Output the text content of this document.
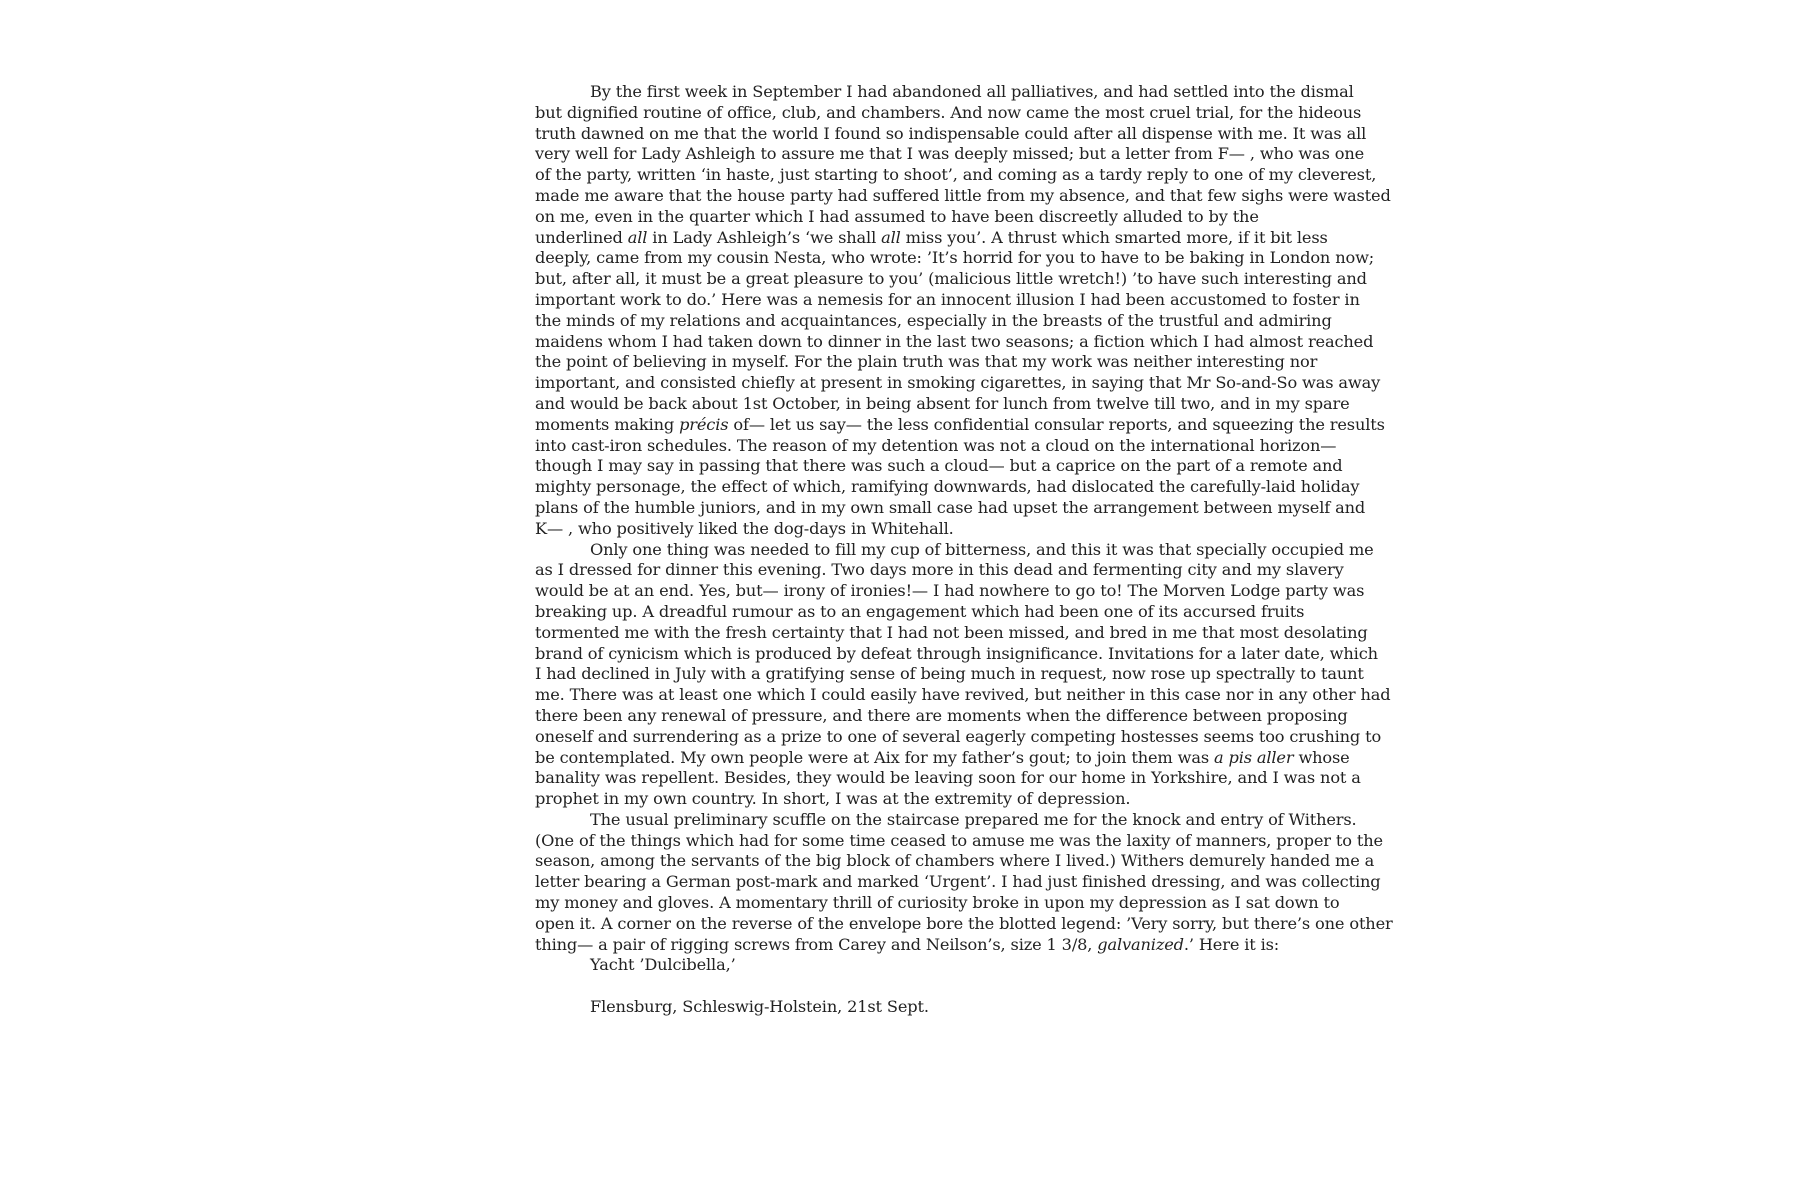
By the first week in September I had abandoned all palliatives, and had settled into the dismal
but dignified routine of office, club, and chambers. And now came the most cruel trial, for the hideous
truth dawned on me that the world I found so indispensable could after all dispense with me. It was all
very well for Lady Ashleigh to assure me that I was deeply missed; but a letter from F— , who was one
of the party, written ‘in haste, just starting to shoot’, and coming as a tardy reply to one of my cleverest,
made me aware that the house party had suffered little from my absence, and that few sighs were wasted
on me, even in the quarter which I had assumed to have been discreetly alluded to by the
underlined all in Lady Ashleigh’s ‘we shall all miss you’. A thrust which smarted more, if it bit less
deeply, came from my cousin Nesta, who wrote: ’It’s horrid for you to have to be baking in London now;
but, after all, it must be a great pleasure to you’ (malicious little wretch!) ’to have such interesting and
important work to do.’ Here was a nemesis for an innocent illusion I had been accustomed to foster in
the minds of my relations and acquaintances, especially in the breasts of the trustful and admiring
maidens whom I had taken down to dinner in the last two seasons; a fiction which I had almost reached
the point of believing in myself. For the plain truth was that my work was neither interesting nor
important, and consisted chiefly at present in smoking cigarettes, in saying that Mr So-and-So was away
and would be back about 1st October, in being absent for lunch from twelve till two, and in my spare
moments making précis of— let us say— the less confidential consular reports, and squeezing the results
into cast-iron schedules. The reason of my detention was not a cloud on the international horizon—
though I may say in passing that there was such a cloud— but a caprice on the part of a remote and
mighty personage, the effect of which, ramifying downwards, had dislocated the carefully-laid holiday
plans of the humble juniors, and in my own small case had upset the arrangement between myself and
K— , who positively liked the dog-days in Whitehall.
Only one thing was needed to fill my cup of bitterness, and this it was that specially occupied me
as I dressed for dinner this evening. Two days more in this dead and fermenting city and my slavery
would be at an end. Yes, but— irony of ironies!— I had nowhere to go to! The Morven Lodge party was
breaking up. A dreadful rumour as to an engagement which had been one of its accursed fruits
tormented me with the fresh certainty that I had not been missed, and bred in me that most desolating
brand of cynicism which is produced by defeat through insignificance. Invitations for a later date, which
I had declined in July with a gratifying sense of being much in request, now rose up spectrally to taunt
me. There was at least one which I could easily have revived, but neither in this case nor in any other had
there been any renewal of pressure, and there are moments when the difference between proposing
oneself and surrendering as a prize to one of several eagerly competing hostesses seems too crushing to
be contemplated. My own people were at Aix for my father’s gout; to join them was a pis aller whose
banality was repellent. Besides, they would be leaving soon for our home in Yorkshire, and I was not a
prophet in my own country. In short, I was at the extremity of depression.
The usual preliminary scuffle on the staircase prepared me for the knock and entry of Withers.
(One of the things which had for some time ceased to amuse me was the laxity of manners, proper to the
season, among the servants of the big block of chambers where I lived.) Withers demurely handed me a
letter bearing a German post-mark and marked ‘Urgent’. I had just finished dressing, and was collecting
my money and gloves. A momentary thrill of curiosity broke in upon my depression as I sat down to
open it. A corner on the reverse of the envelope bore the blotted legend: ’Very sorry, but there’s one other
thing— a pair of rigging screws from Carey and Neilson’s, size 1 3/8, galvanized.’ Here it is:
Yacht ’Dulcibella,’
Flensburg, Schleswig-Holstein, 21st Sept.
